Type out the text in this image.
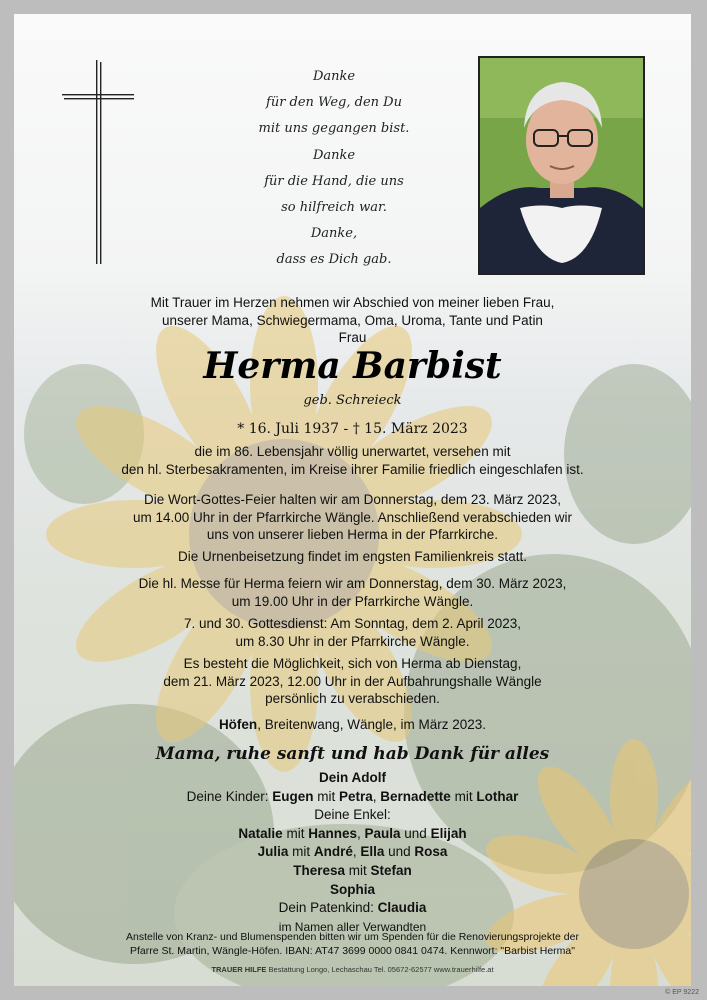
Danke
für den Weg, den Du
mit uns gegangen bist.
Danke
für die Hand, die uns
so hilfreich war.
Danke,
dass es Dich gab.
Mit Trauer im Herzen nehmen wir Abschied von meiner lieben Frau,
unserer Mama, Schwiegermama, Oma, Uroma, Tante und Patin
Frau
Herma Barbist
geb. Schreieck
* 16. Juli 1937 - † 15. März 2023
die im 86. Lebensjahr völlig unerwartet, versehen mit
den hl. Sterbesakramenten, im Kreise ihrer Familie friedlich eingeschlafen ist.
Die Wort-Gottes-Feier halten wir am Donnerstag, dem 23. März 2023,
um 14.00 Uhr in der Pfarrkirche Wängle. Anschließend verabschieden wir
uns von unserer lieben Herma in der Pfarrkirche.
Die Urnenbeisetzung findet im engsten Familienkreis statt.
Die hl. Messe für Herma feiern wir am Donnerstag, dem 30. März 2023,
um 19.00 Uhr in der Pfarrkirche Wängle.
7. und 30. Gottesdienst: Am Sonntag, dem 2. April 2023,
um 8.30 Uhr in der Pfarrkirche Wängle.
Es besteht die Möglichkeit, sich von Herma ab Dienstag,
dem 21. März 2023, 12.00 Uhr in der Aufbahrungshalle Wängle
persönlich zu verabschieden.
Höfen, Breitenwang, Wängle, im März 2023.
Mama, ruhe sanft und hab Dank für alles
Dein Adolf
Deine Kinder: Eugen mit Petra, Bernadette mit Lothar
Deine Enkel:
Natalie mit Hannes, Paula und Elijah
Julia mit André, Ella und Rosa
Theresa mit Stefan
Sophia
Dein Patenkind: Claudia
im Namen aller Verwandten
Anstelle von Kranz- und Blumenspenden bitten wir um Spenden für die Renovierungsprojekte der
Pfarre St. Martin, Wängle-Höfen. IBAN: AT47 3699 0000 0841 0474. Kennwort: "Barbist Herma"
TRAUER HILFE Bestattung Longo, Lechaschau Tel. 05672-62577 www.trauerhilfe.at
© EP 9222
